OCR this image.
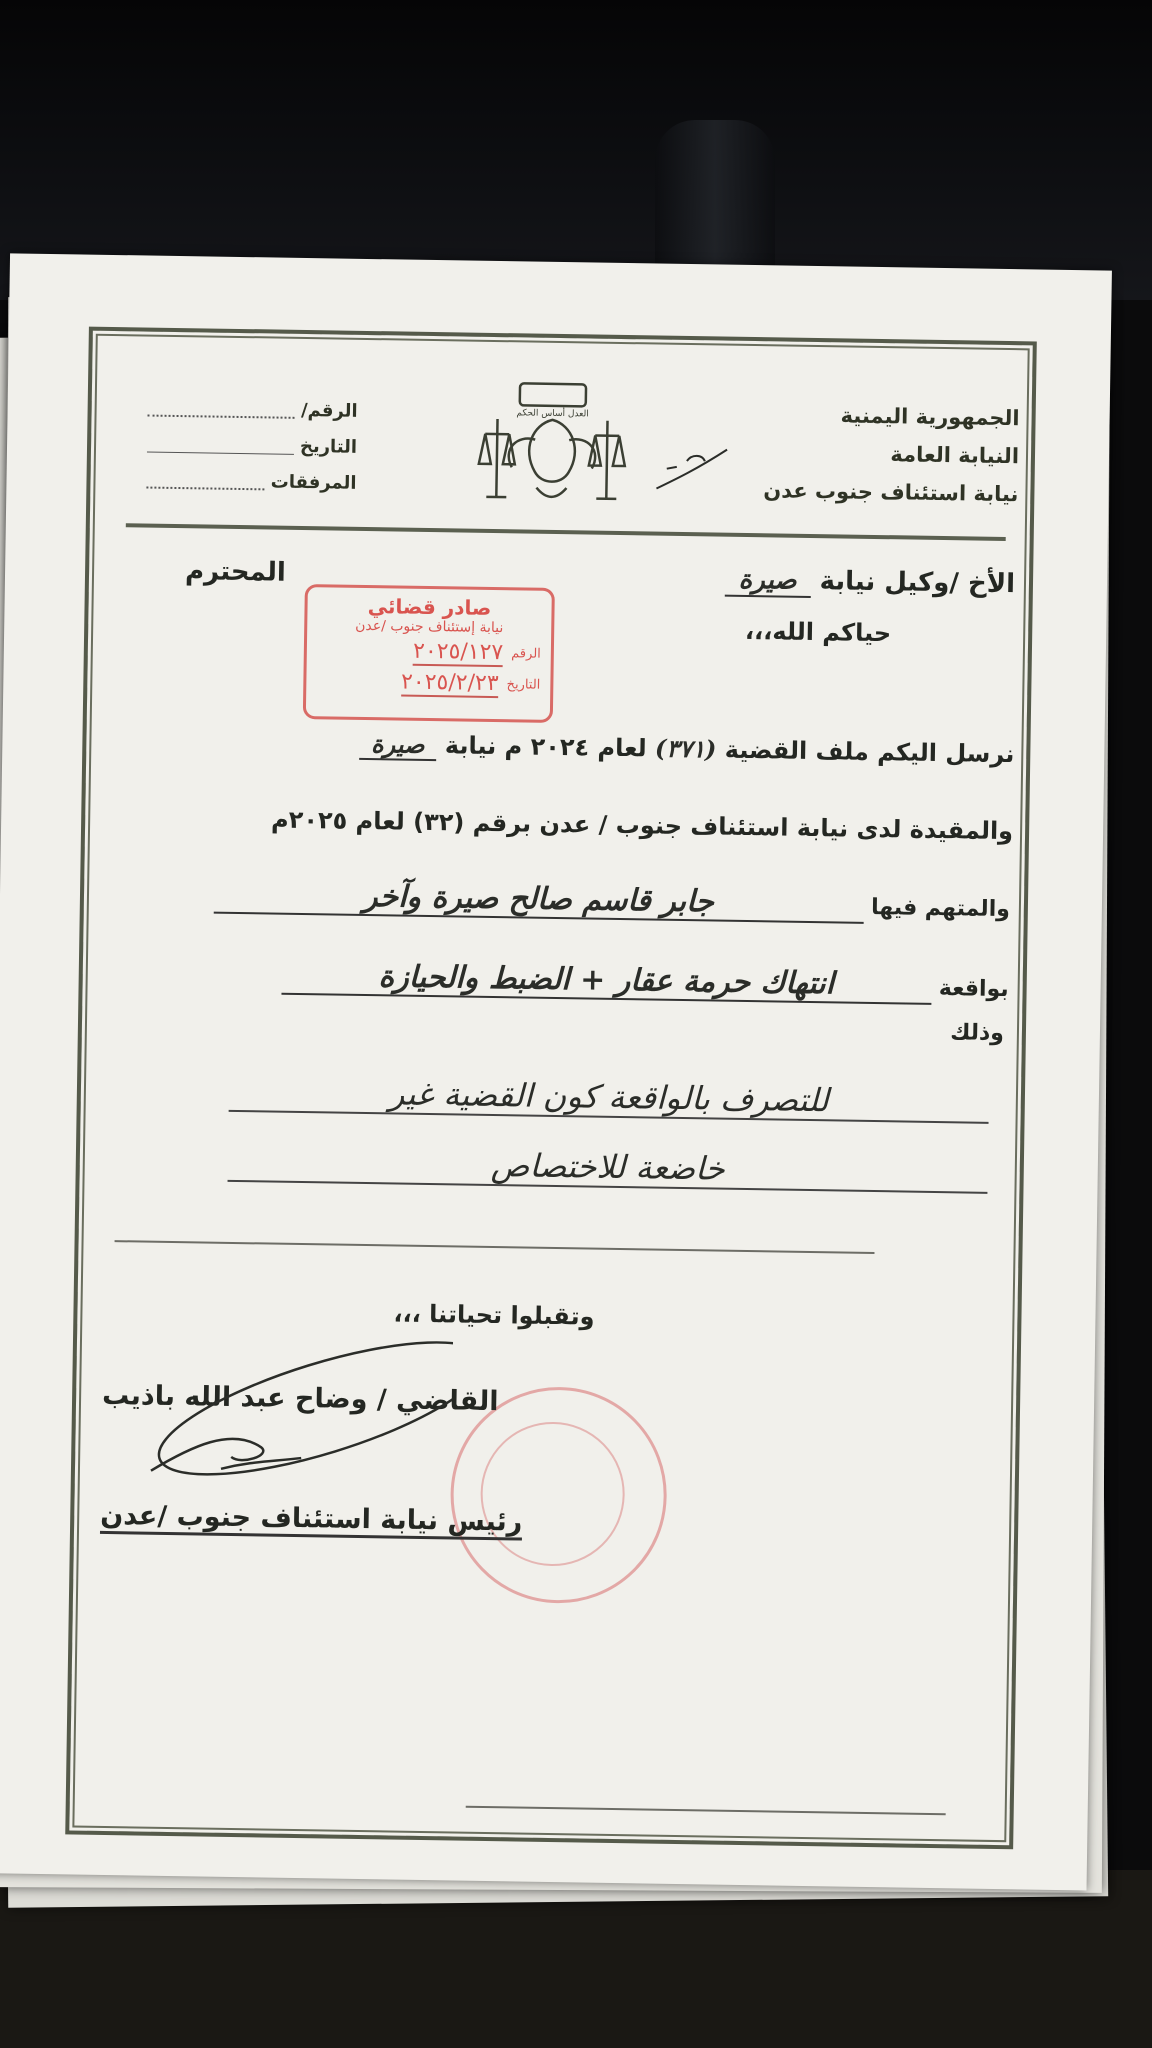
الجمهورية اليمنية
النيابة العامة
نيابة استئناف جنوب عدن
العدل أساس الحكم
الرقم/
التاريخ
المرفقات
الأخ /وكيل نيابة صيرة
المحترم
حياكم الله،،،
صادر قضائي
نيابة إستئناف جنوب /عدن
الرقم
٢٠٢٥/١٢٧
التاريخ
٢٠٢٥/٢/٢٣
نرسل اليكم ملف القضية (٣٧١) لعام ٢٠٢٤ م نيابة صيرة
والمقيدة لدى نيابة استئناف جنوب / عدن برقم (٣٢) لعام ٢٠٢٥م
والمتهم فيها جابر قاسم صالح صيرة وآخر
بواقعة انتهاك حرمة عقار + الضبط والحيازة
وذلك
للتصرف بالواقعة كون القضية غير
خاضعة للاختصاص
وتقبلوا تحياتنا ،،،
القاضي / وضاح عبد الله باذيب
رئيس نيابة استئناف جنوب /عدن
